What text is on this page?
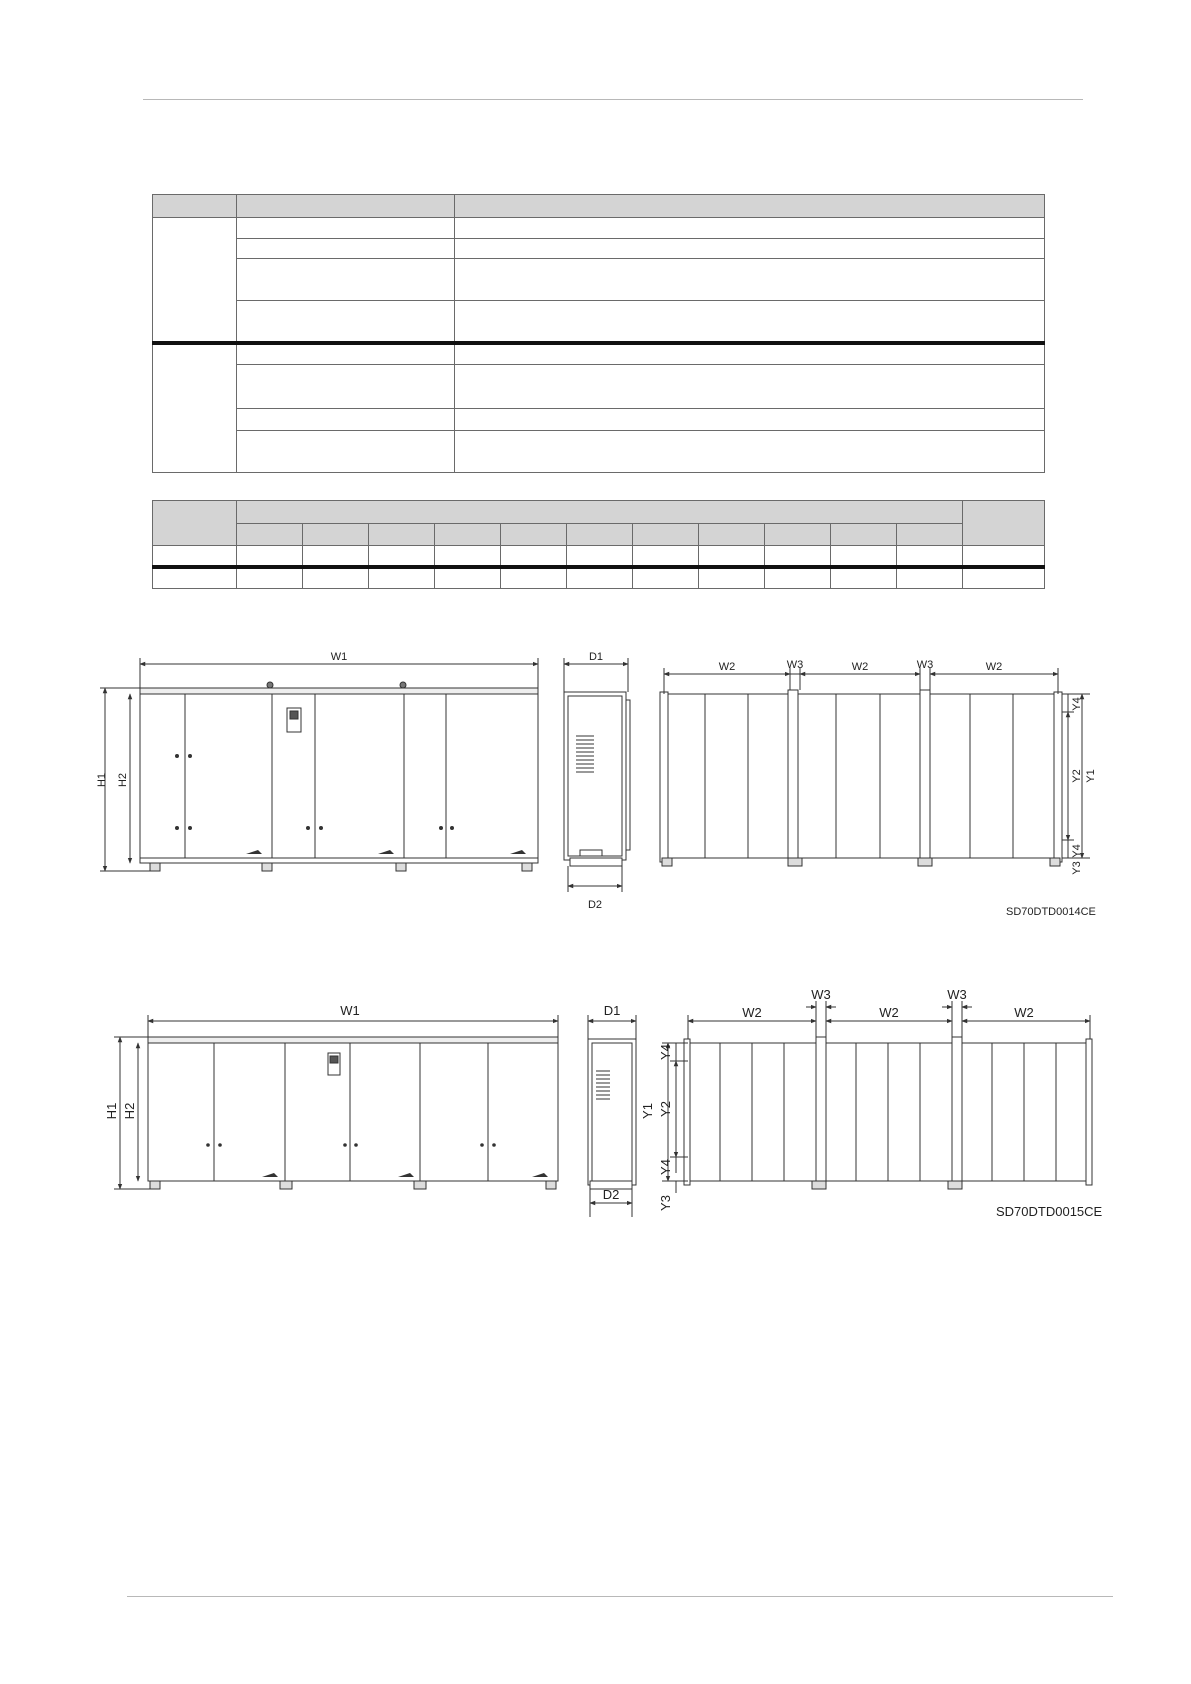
W1
H1 H2
D1
D2
W2	W3	W2	W3	W2
Y1
Y2
Y4
Y4
Y3
SD70DTD0014CE
W1
H1 H2
D1
D2
W2
W3
W2
W3
W2
Y1 Y2
Y4
Y4
Y3
SD70DTD0015CE
